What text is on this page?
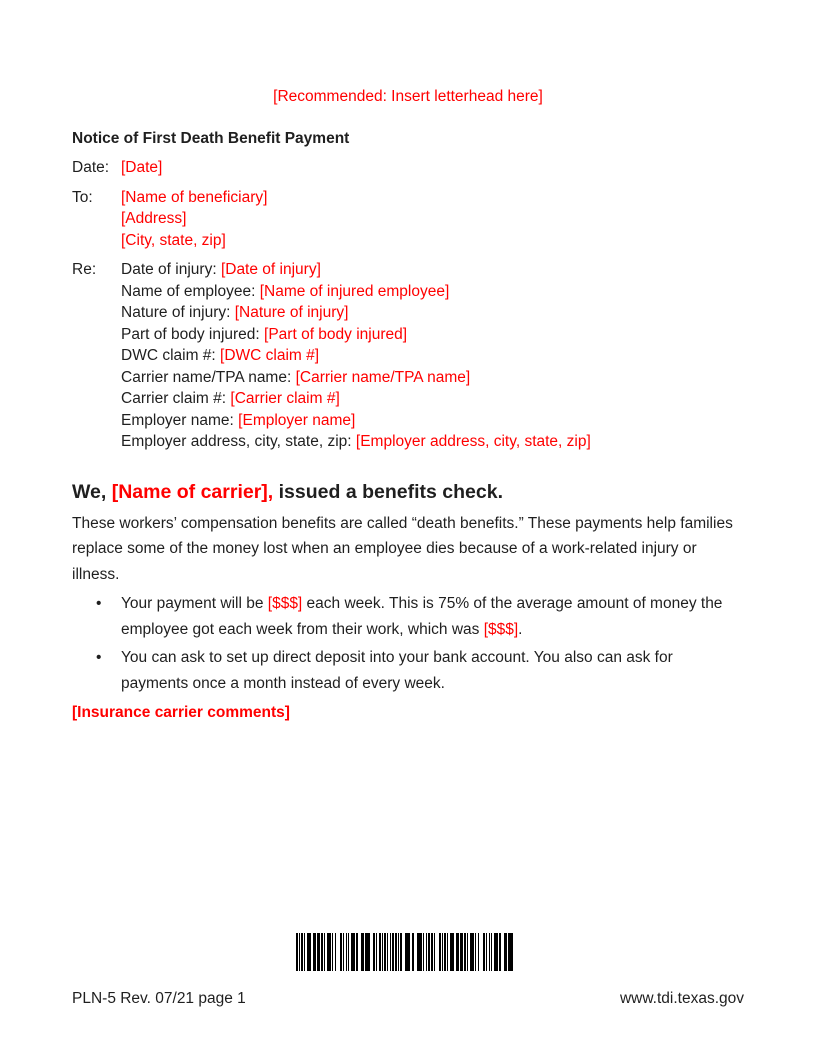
[Recommended: Insert letterhead here]
Notice of First Death Benefit Payment
Date: [Date]
To:	[Name of beneficiary]
[Address]
[City, state, zip]
Re:	Date of injury: [Date of injury]
Name of employee: [Name of injured employee]
Nature of injury: [Nature of injury]
Part of body injured: [Part of body injured]
DWC claim #: [DWC claim #]
Carrier name/TPA name: [Carrier name/TPA name]
Carrier claim #: [Carrier claim #]
Employer name: [Employer name]
Employer address, city, state, zip: [Employer address, city, state, zip]
We, [Name of carrier], issued a benefits check.
These workers’ compensation benefits are called “death benefits.” These payments help families replace some of the money lost when an employee dies because of a work-related injury or illness.
• Your payment will be [$$$] each week. This is 75% of the average amount of money the employee got each week from their work, which was [$$$].
• You can ask to set up direct deposit into your bank account. You also can ask for payments once a month instead of every week.
[Insurance carrier comments]
PLN-5 Rev. 07/21 page 1	www.tdi.texas.gov
